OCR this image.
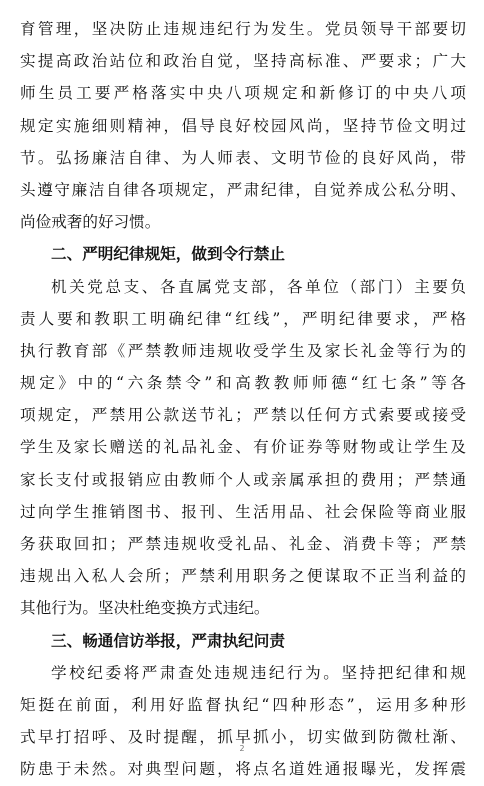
育管理，坚决防止违规违纪行为发生。党员领导干部要切
实提高政治站位和政治自觉，坚持高标准、严要求；广大
师生员工要严格落实中央八项规定和新修订的中央八项
规定实施细则精神，倡导良好校园风尚，坚持节俭文明过
节。弘扬廉洁自律、为人师表、文明节俭的良好风尚，带
头遵守廉洁自律各项规定，严肃纪律，自觉养成公私分明、
尚俭戒奢的好习惯。
二、严明纪律规矩，做到令行禁止
机关党总支、各直属党支部，各单位（部门）主要负
责人要和教职工明确纪律“红线”，严明纪律要求，严格
执行教育部《严禁教师违规收受学生及家长礼金等行为的
规定》中的“六条禁令”和高教教师师德“红七条”等各
项规定，严禁用公款送节礼；严禁以任何方式索要或接受
学生及家长赠送的礼品礼金、有价证券等财物或让学生及
家长支付或报销应由教师个人或亲属承担的费用；严禁通
过向学生推销图书、报刊、生活用品、社会保险等商业服
务获取回扣；严禁违规收受礼品、礼金、消费卡等；严禁
违规出入私人会所；严禁利用职务之便谋取不正当利益的
其他行为。坚决杜绝变换方式违纪。
三、畅通信访举报，严肃执纪问责
学校纪委将严肃查处违规违纪行为。坚持把纪律和规
矩挺在前面，利用好监督执纪“四种形态”，运用多种形
式早打招呼、及时提醒，抓早抓小，切实做到防微杜渐、
防患于未然。对典型问题，将点名道姓通报曝光，发挥震
2
